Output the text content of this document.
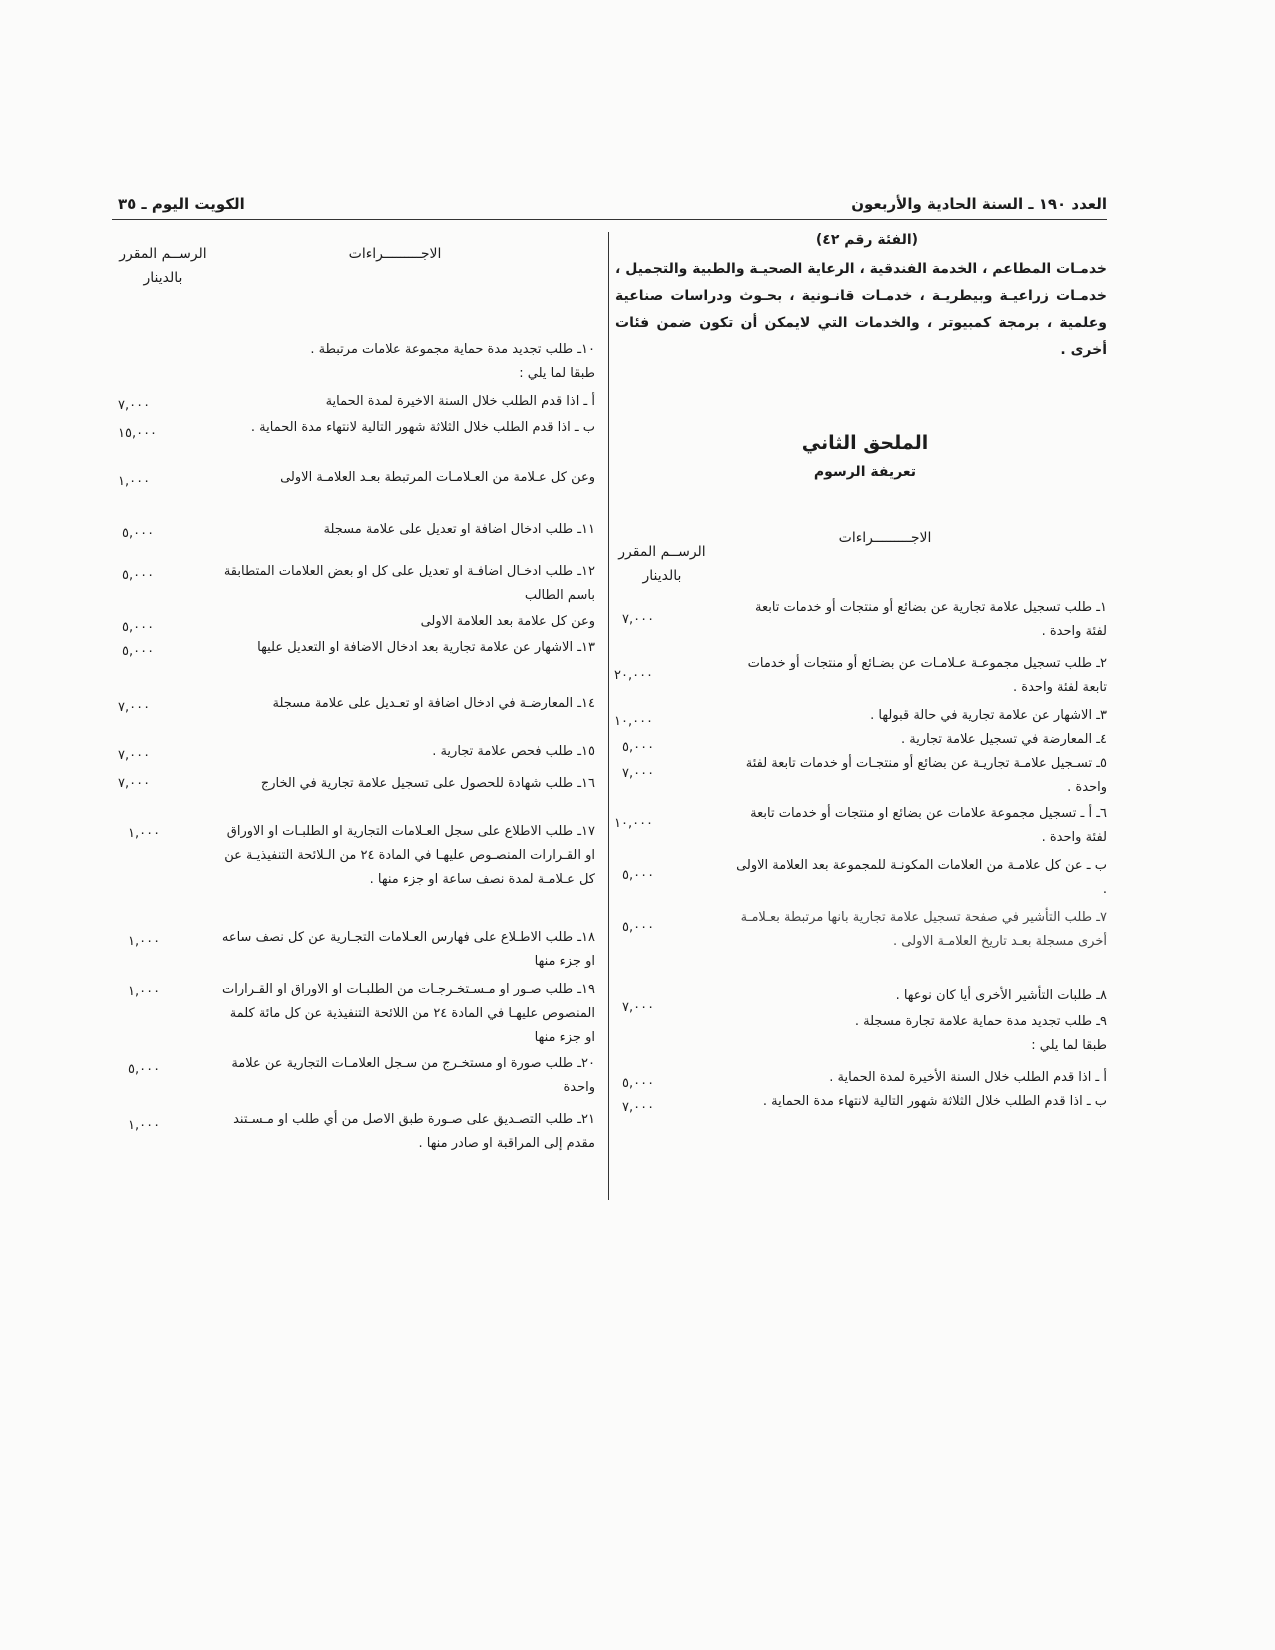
العدد ١٩٠ ـ السنة الحادية والأربعون
الكويت اليوم ـ ٣٥
(الفئة رقم ٤٢)
خدمـات المطاعم ، الخدمة الفندقية ، الرعاية الصحيـة والطبية والتجميل ، خدمـات زراعيـة وبيطريـة ، خدمـات قانـونية ، بحـوث ودراسات صناعية وعلمية ، برمجة كمبيوتر ، والخدمات التي لايمكن أن تكون ضمن فئات أخرى .
الملحق الثاني
تعريفة الرسوم
الاجـــــــــراءات
الرســم المقرر
بالدينار
الاجـــــــــراءات
الرســم المقرر
بالدينار
١ـ طلب تسجيل علامة تجارية عن بضائع أو منتجات أو خدمات تابعة لفئة واحدة .
٧,٠٠٠
٢ـ طلب تسجيل مجموعـة عـلامـات عن بضـائع أو منتجات أو خدمات تابعة لفئة واحدة .
٢٠,٠٠٠
٣ـ الاشهار عن علامة تجارية في حالة قبولها .
١٠,٠٠٠
٤ـ المعارضة في تسجيل علامة تجارية .
٥,٠٠٠
٥ـ تسـجيل علامـة تجاريـة عن بضائع أو منتجـات أو خدمات تابعة لفئة واحدة .
٧,٠٠٠
٦ـ أ ـ تسجيل مجموعة علامات عن بضائع او منتجات أو خدمات تابعة لفئة واحدة .
١٠,٠٠٠
ب ـ عن كل علامـة من العلامات المكونـة للمجموعة بعد العلامة الاولى .
٥,٠٠٠
٧ـ طلب التأشير في صفحة تسجيل علامة تجارية بانها مرتبطة بعـلامـة أخرى مسجلة بعـد تاريخ العلامـة الاولى .
٥,٠٠٠
٨ـ طلبات التأشير الأخرى أيا كان نوعها .
٧,٠٠٠
٩ـ طلب تجديد مدة حماية علامة تجارة مسجلة .
طبقا لما يلي :
أ ـ اذا قدم الطلب خلال السنة الأخيرة لمدة الحماية .
٥,٠٠٠
ب ـ اذا قدم الطلب خلال الثلاثة شهور التالية لانتهاء مدة الحماية .
٧,٠٠٠
١٠ـ طلب تجديد مدة حماية مجموعة علامات مرتبطة .
طبقا لما يلي :
أ ـ اذا قدم الطلب خلال السنة الاخيرة لمدة الحماية
٧,٠٠٠
ب ـ اذا قدم الطلب خلال الثلاثة شهور التالية لانتهاء مدة الحماية .
١٥,٠٠٠
وعن كل عـلامة من العـلامـات المرتبطة بعـد العلامـة الاولى
١,٠٠٠
١١ـ طلب ادخال اضافة او تعديل على علامة مسجلة
٥,٠٠٠
١٢ـ طلب ادخـال اضافـة او تعديل على كل او بعض العلامات المتطابقة باسم الطالب
٥,٠٠٠
وعن كل علامة بعد العلامة الاولى
٥,٠٠٠
١٣ـ الاشهار عن علامة تجارية بعد ادخال الاضافة او التعديل عليها
٥,٠٠٠
١٤ـ المعارضـة في ادخال اضافة او تعـديل على علامة مسجلة
٧,٠٠٠
١٥ـ طلب فحص علامة تجارية .
٧,٠٠٠
١٦ـ طلب شهادة للحصول على تسجيل علامة تجارية في الخارج
٧,٠٠٠
١٧ـ طلب الاطلاع على سجل العـلامات التجارية او الطلبـات او الاوراق او القـرارات المنصـوص عليهـا في المادة ٢٤ من الـلائحة التنفيذيـة عن كل عـلامـة لمدة نصف ساعة او جزء منها .
١,٠٠٠
١٨ـ طلب الاطـلاع على فهارس العـلامات التجـارية عن كل نصف ساعه او جزء منها
١,٠٠٠
١٩ـ طلب صـور او مـسـتخـرجـات من الطلبـات او الاوراق او القـرارات المنصوص عليهـا في المادة ٢٤ من اللائحة التنفيذية عن كل مائة كلمة او جزء منها
١,٠٠٠
٢٠ـ طلب صورة او مستخـرج من سـجل العلامـات التجارية عن علامة واحدة
٥,٠٠٠
٢١ـ طلب التصـديق على صـورة طبق الاصل من أي طلب او مـسـتند مقدم إلى المراقبة او صادر منها .
١,٠٠٠
